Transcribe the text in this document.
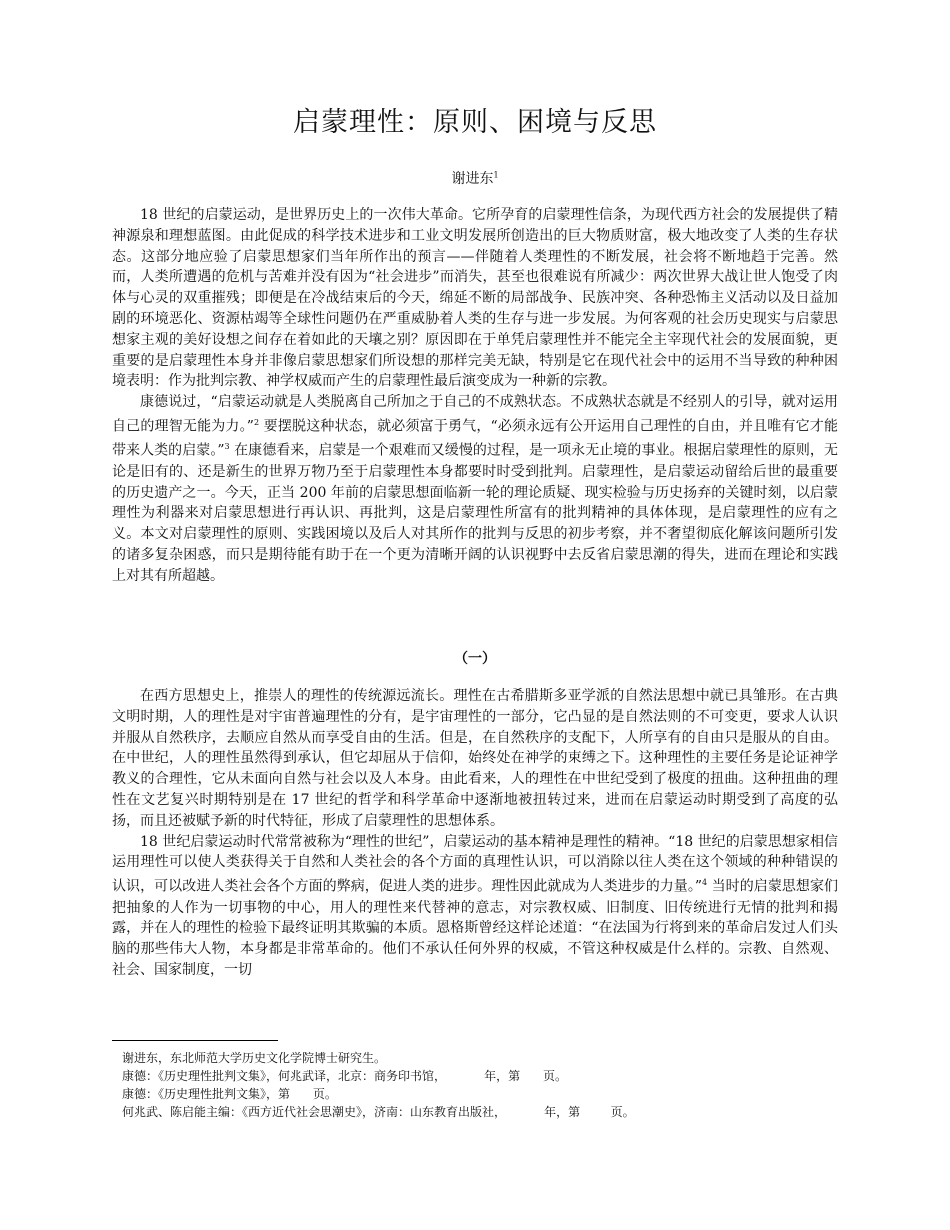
启蒙理性：原则、困境与反思
谢进东$^1$

18 世纪的启蒙运动，是世界历史上的一次伟大革命。它所孕育的启蒙理性信条，为现代西方社会的发展提供了精神源泉和理想蓝图。由此促成的科学技术进步和工业文明发展所创造出的巨大物质财富，极大地改变了人类的生存状态。这部分地应验了启蒙思想家们当年所作出的预言——伴随着人类理性的不断发展，社会将不断地趋于完善。然而，人类所遭遇的危机与苦难并没有因为“社会进步”而消失，甚至也很难说有所减少：两次世界大战让世人饱受了肉体与心灵的双重摧残；即便是在冷战结束后的今天，绵延不断的局部战争、民族冲突、各种恐怖主义活动以及日益加剧的环境恶化、资源枯竭等全球性问题仍在严重威胁着人类的生存与进一步发展。为何客观的社会历史现实与启蒙思想家主观的美好设想之间存在着如此的天壤之别？原因即在于单凭启蒙理性并不能完全主宰现代社会的发展面貌，更重要的是启蒙理性本身并非像启蒙思想家们所设想的那样完美无缺，特别是它在现代社会中的运用不当导致的种种困境表明：作为批判宗教、神学权威而产生的启蒙理性最后演变成为一种新的宗教。

康德说过，“启蒙运动就是人类脱离自己所加之于自己的不成熟状态。不成熟状态就是不经别人的引导，就对运用自己的理智无能为力。”$^2$ 要摆脱这种状态，就必须富于勇气，“必须永远有公开运用自己理性的自由，并且唯有它才能带来人类的启蒙。”$^3$ 在康德看来，启蒙是一个艰难而又缓慢的过程，是一项永无止境的事业。根据启蒙理性的原则，无论是旧有的、还是新生的世界万物乃至于启蒙理性本身都要时时受到批判。启蒙理性，是启蒙运动留给后世的最重要的历史遗产之一。今天，正当 200 年前的启蒙思想面临新一轮的理论质疑、现实检验与历史扬弃的关键时刻，以启蒙理性为利器来对启蒙思想进行再认识、再批判，这是启蒙理性所富有的批判精神的具体体现，是启蒙理性的应有之义。本文对启蒙理性的原则、实践困境以及后人对其所作的批判与反思的初步考察，并不奢望彻底化解该问题所引发的诸多复杂困惑，而只是期待能有助于在一个更为清晰开阔的认识视野中去反省启蒙思潮的得失，进而在理论和实践上对其有所超越。

（一）

在西方思想史上，推崇人的理性的传统源远流长。理性在古希腊斯多亚学派的自然法思想中就已具雏形。在古典文明时期，人的理性是对宇宙普遍理性的分有，是宇宙理性的一部分，它凸显的是自然法则的不可变更，要求人认识并服从自然秩序，去顺应自然从而享受自由的生活。但是，在自然秩序的支配下，人所享有的自由只是服从的自由。在中世纪，人的理性虽然得到承认，但它却屈从于信仰，始终处在神学的束缚之下。这种理性的主要任务是论证神学教义的合理性，它从未面向自然与社会以及人本身。由此看来，人的理性在中世纪受到了极度的扭曲。这种扭曲的理性在文艺复兴时期特别是在 17 世纪的哲学和科学革命中逐渐地被扭转过来，进而在启蒙运动时期受到了高度的弘扬，而且还被赋予新的时代特征，形成了启蒙理性的思想体系。

18 世纪启蒙运动时代常常被称为“理性的世纪”，启蒙运动的基本精神是理性的精神。“18 世纪的启蒙思想家相信运用理性可以使人类获得关于自然和人类社会的各个方面的真理性认识，可以消除以往人类在这个领域的种种错误的认识，可以改进人类社会各个方面的弊病，促进人类的进步。理性因此就成为人类进步的力量。”$^4$ 当时的启蒙思想家们把抽象的人作为一切事物的中心，用人的理性来代替神的意志，对宗教权威、旧制度、旧传统进行无情的批判和揭露，并在人的理性的检验下最终证明其欺骗的本质。恩格斯曾经这样论述道：“在法国为行将到来的革命启发过人们头脑的那些伟大人物，本身都是非常革命的。他们不承认任何外界的权威，不管这种权威是什么样的。宗教、自然观、社会、国家制度，一切

谢进东，东北师范大学历史文化学院博士研究生。
康德：《历史理性批判文集》，何兆武译，北京：商务印书馆，          年，第      页。
康德：《历史理性批判文集》，第      页。
何兆武、陈启能主编：《西方近代社会思潮史》，济南：山东教育出版社，          年，第        页。
